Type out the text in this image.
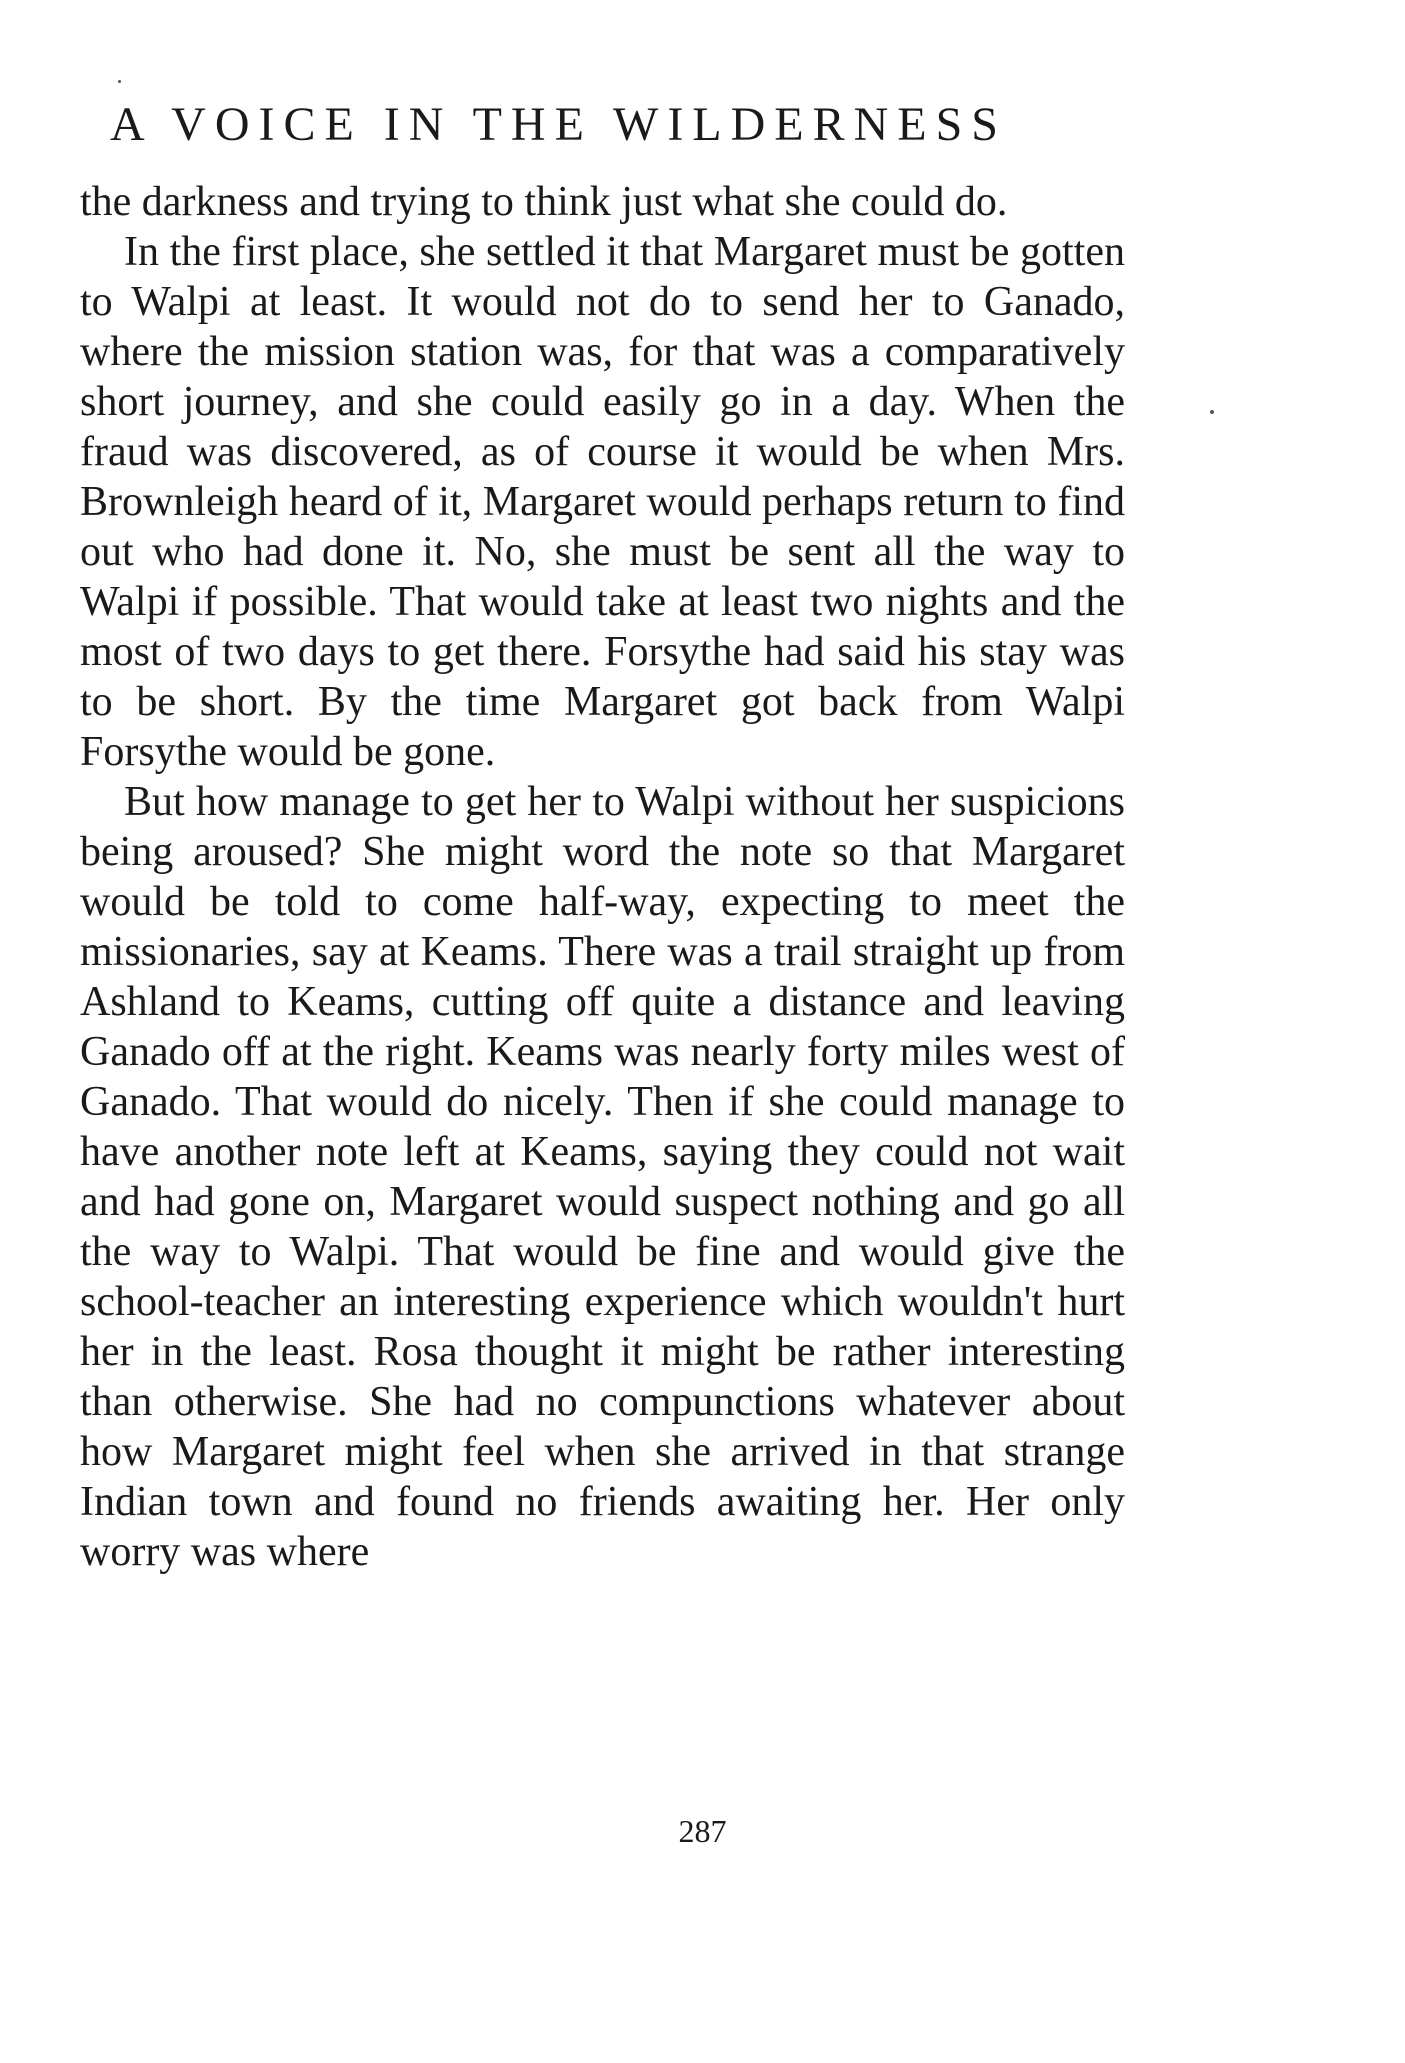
A VOICE IN THE WILDERNESS

the darkness and trying to think just what she could do.

In the first place, she settled it that Margaret must be gotten to Walpi at least. It would not do to send her to Ganado, where the mission station was, for that was a comparatively short journey, and she could easily go in a day. When the fraud was discovered, as of course it would be when Mrs. Brownleigh heard of it, Margaret would perhaps return to find out who had done it. No, she must be sent all the way to Walpi if possible. That would take at least two nights and the most of two days to get there. Forsythe had said his stay was to be short. By the time Margaret got back from Walpi Forsythe would be gone.

But how manage to get her to Walpi without her suspicions being aroused? She might word the note so that Margaret would be told to come half-way, expecting to meet the missionaries, say at Keams. There was a trail straight up from Ashland to Keams, cutting off quite a distance and leaving Ganado off at the right. Keams was nearly forty miles west of Ganado. That would do nicely. Then if she could manage to have another note left at Keams, saying they could not wait and had gone on, Margaret would suspect nothing and go all the way to Walpi. That would be fine and would give the school-teacher an interesting experience which wouldn't hurt her in the least. Rosa thought it might be rather interesting than otherwise. She had no compunctions whatever about how Margaret might feel when she arrived in that strange Indian town and found no friends awaiting her. Her only worry was where

287
